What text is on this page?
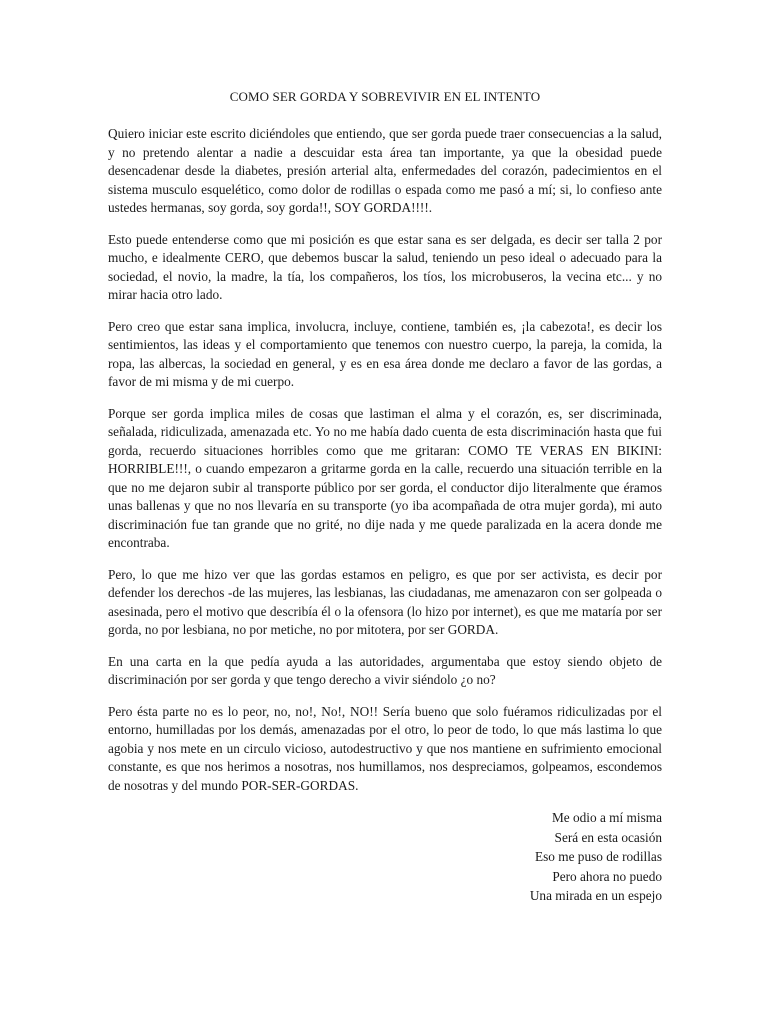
COMO SER GORDA Y SOBREVIVIR EN EL INTENTO

Quiero iniciar este escrito diciéndoles que entiendo, que ser gorda puede traer consecuencias a la salud, y no pretendo alentar a nadie a descuidar esta área tan importante, ya que la obesidad puede desencadenar desde la diabetes, presión arterial alta, enfermedades del corazón, padecimientos en el sistema musculo esquelético, como dolor de rodillas o espada como me pasó a mí; si, lo confieso ante ustedes hermanas, soy gorda, soy gorda!!, SOY GORDA!!!!.

Esto puede entenderse como que mi posición es que estar sana es ser delgada, es decir ser talla 2 por mucho, e idealmente CERO, que debemos buscar la salud, teniendo un peso ideal o adecuado para la sociedad, el novio, la madre, la tía, los compañeros, los tíos, los microbuseros, la vecina etc... y no mirar hacia otro lado.

Pero creo que estar sana implica, involucra, incluye, contiene, también es, ¡la cabezota!, es decir los sentimientos, las ideas y el comportamiento que tenemos con nuestro cuerpo, la pareja, la comida, la ropa, las albercas, la sociedad en general, y es en esa área donde me declaro a favor de las gordas, a favor de mi misma y de mi cuerpo.

Porque ser gorda implica miles de cosas que lastiman el alma y el corazón, es, ser discriminada, señalada, ridiculizada, amenazada etc. Yo no me había dado cuenta de esta discriminación hasta que fui gorda, recuerdo situaciones horribles como que me gritaran: COMO TE VERAS EN BIKINI: HORRIBLE!!!, o cuando empezaron a gritarme gorda en la calle, recuerdo una situación terrible en la que no me dejaron subir al transporte público por ser gorda, el conductor dijo literalmente que éramos unas ballenas y que no nos llevaría en su transporte (yo iba acompañada de otra mujer gorda), mi auto discriminación fue tan grande que no grité, no dije nada y me quede paralizada en la acera donde me encontraba.

Pero, lo que me hizo ver que las gordas estamos en peligro, es que por ser activista, es decir por defender los derechos -de las mujeres, las lesbianas, las ciudadanas, me amenazaron con ser golpeada o asesinada, pero el motivo que describía él o la ofensora (lo hizo por internet), es que me mataría por ser gorda, no por lesbiana, no por metiche, no por mitotera, por ser GORDA.

En una carta en la que pedía ayuda a las autoridades, argumentaba que estoy siendo objeto de discriminación por ser gorda y que tengo derecho a vivir siéndolo ¿o no?

Pero ésta parte no es lo peor, no, no!, No!, NO!! Sería bueno que solo fuéramos ridiculizadas por el entorno, humilladas por los demás, amenazadas por el otro, lo peor de todo, lo que más lastima lo que agobia y nos mete en un circulo vicioso, autodestructivo y que nos mantiene en sufrimiento emocional constante, es que nos herimos a nosotras, nos humillamos, nos despreciamos, golpeamos, escondemos de nosotras y del mundo POR-SER-GORDAS.

Me odio a mí misma
Será en esta ocasión
Eso me puso de rodillas
Pero ahora no puedo
Una mirada en un espejo
